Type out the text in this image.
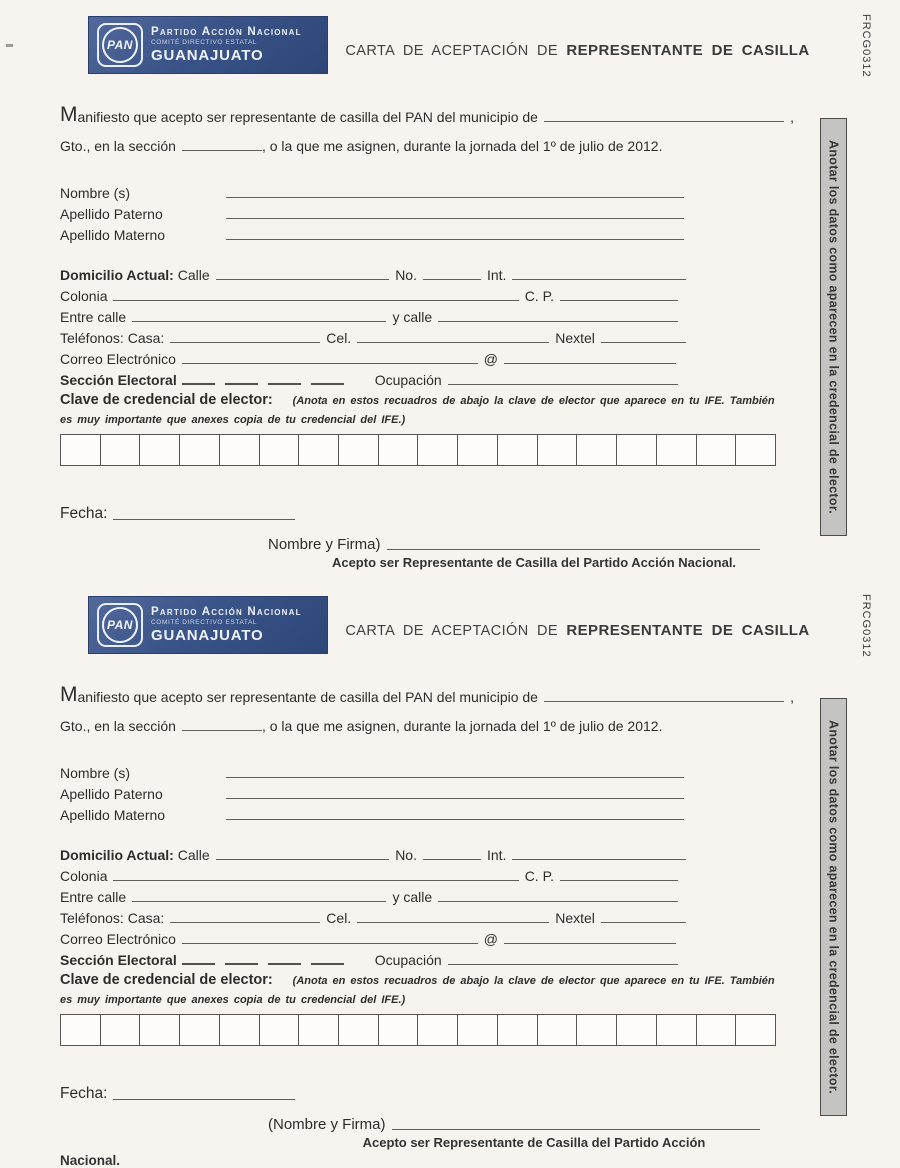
PAN
Partido Acción Nacional
COMITÉ DIRECTIVO ESTATAL
GUANAJUATO	CARTA DE ACEPTACIÓN DE REPRESENTANTE DE CASILLA	FRCG0312
Anotar los datos como aparecen en la credencial de elector.
M anifiesto que acepto ser representante de casilla del PAN del municipio de	,
Gto., en la sección	, o la que me asignen, durante la jornada del 1º de julio de 2012.
Nombre (s)
Apellido Paterno
Apellido Materno
Domicilio Actual:
Calle	No.	Int.
Colonia	C. P.
Entre calle	y calle
Teléfonos: Casa:	Cel.	Nextel
Correo Electrónico	@
Sección Electoral	Ocupación
Clave de credencial de elector: (Anota en estos recuadros de abajo la clave de elector que aparece en tu IFE. También es muy importante que anexes copia de tu credencial del IFE.)
Fecha:
Nombre y Firma)
Acepto ser Representante de Casilla del Partido Acción Nacional.
PAN
Partido Acción Nacional
COMITÉ DIRECTIVO ESTATAL
GUANAJUATO	CARTA DE ACEPTACIÓN DE REPRESENTANTE DE CASILLA	FRCG0312
Anotar los datos como aparecen en la credencial de elector.
M anifiesto que acepto ser representante de casilla del PAN del municipio de	,
Gto., en la sección	, o la que me asignen, durante la jornada del 1º de julio de 2012.
Nombre (s)
Apellido Paterno
Apellido Materno
Domicilio Actual:
Calle	No.	Int.
Colonia	C. P.
Entre calle	y calle
Teléfonos: Casa:	Cel.	Nextel
Correo Electrónico	@
Sección Electoral	Ocupación
Clave de credencial de elector: (Anota en estos recuadros de abajo la clave de elector que aparece en tu IFE. También es muy importante que anexes copia de tu credencial del IFE.)
Fecha:
(Nombre y Firma)
Acepto ser Representante de Casilla del Partido Acción
Nacional.
